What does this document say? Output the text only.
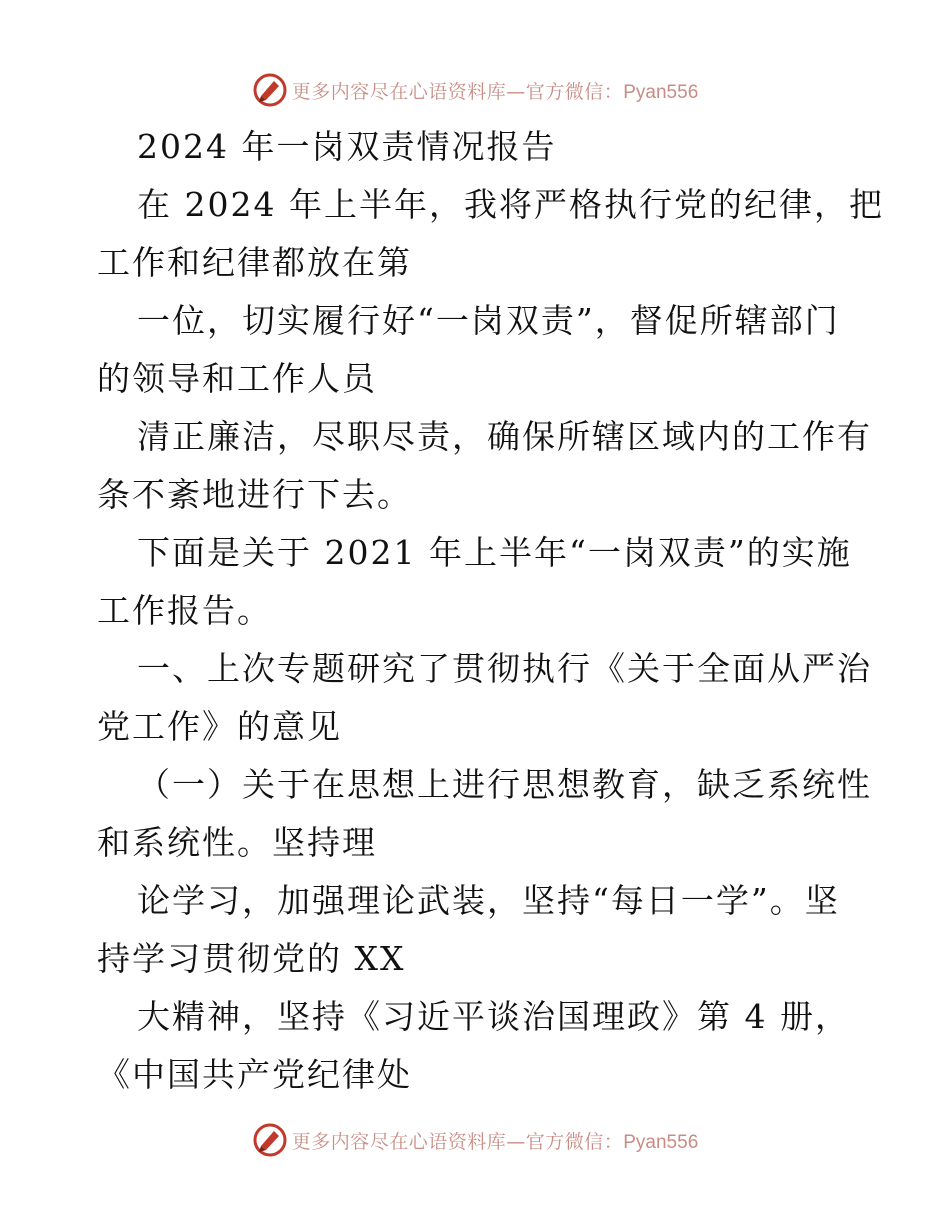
更多内容尽在心语资料库—官方微信：Pyan556
2024 年一岗双责情况报告
在 2024 年上半年，我将严格执行党的纪律，把
工作和纪律都放在第
一位，切实履行好“一岗双责”，督促所辖部门
的领导和工作人员
清正廉洁，尽职尽责，确保所辖区域内的工作有
条不紊地进行下去。
下面是关于 2021 年上半年“一岗双责”的实施
工作报告。
一、上次专题研究了贯彻执行《关于全面从严治
党工作》的意见
（一）关于在思想上进行思想教育，缺乏系统性
和系统性。坚持理
论学习，加强理论武装，坚持“每日一学”。坚
持学习贯彻党的 XX
大精神，坚持《习近平谈治国理政》第 4 册，
《中国共产党纪律处
更多内容尽在心语资料库—官方微信：Pyan556
